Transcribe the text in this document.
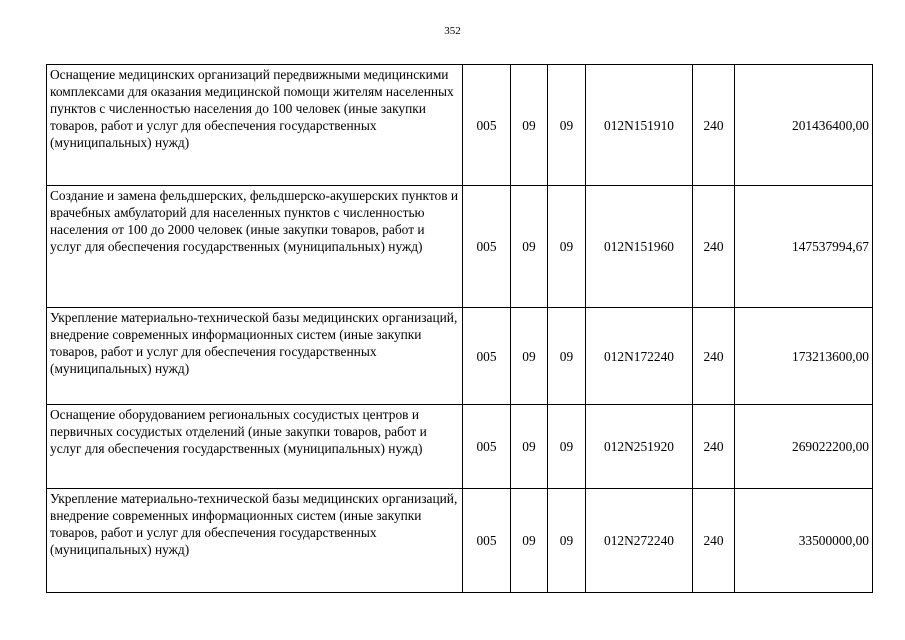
352
Оснащение медицинских организаций передвижными медицинскими комплексами для оказания медицинской помощи жителям населенных пунктов с численностью населения до 100 человек (иные закупки товаров, работ и услуг для обеспечения государственных (муниципальных) нужд)	005	09	09	012N151910	240	201436400,00
Создание и замена фельдшерских, фельдшерско-акушерских пунктов и врачебных амбулаторий для населенных пунктов с численностью населения от 100 до 2000 человек (иные закупки товаров, работ и услуг для обеспечения государственных (муниципальных) нужд)	005	09	09	012N151960	240	147537994,67
Укрепление материально-технической базы медицинских организаций, внедрение современных информационных систем (иные закупки товаров, работ и услуг для обеспечения государственных (муниципальных) нужд)	005	09	09	012N172240	240	173213600,00
Оснащение оборудованием региональных сосудистых центров и первичных сосудистых отделений (иные закупки товаров, работ и услуг для обеспечения государственных (муниципальных) нужд)	005	09	09	012N251920	240	269022200,00
Укрепление материально-технической базы медицинских организаций, внедрение современных информационных систем (иные закупки товаров, работ и услуг для обеспечения государственных (муниципальных) нужд)	005	09	09	012N272240	240	33500000,00
